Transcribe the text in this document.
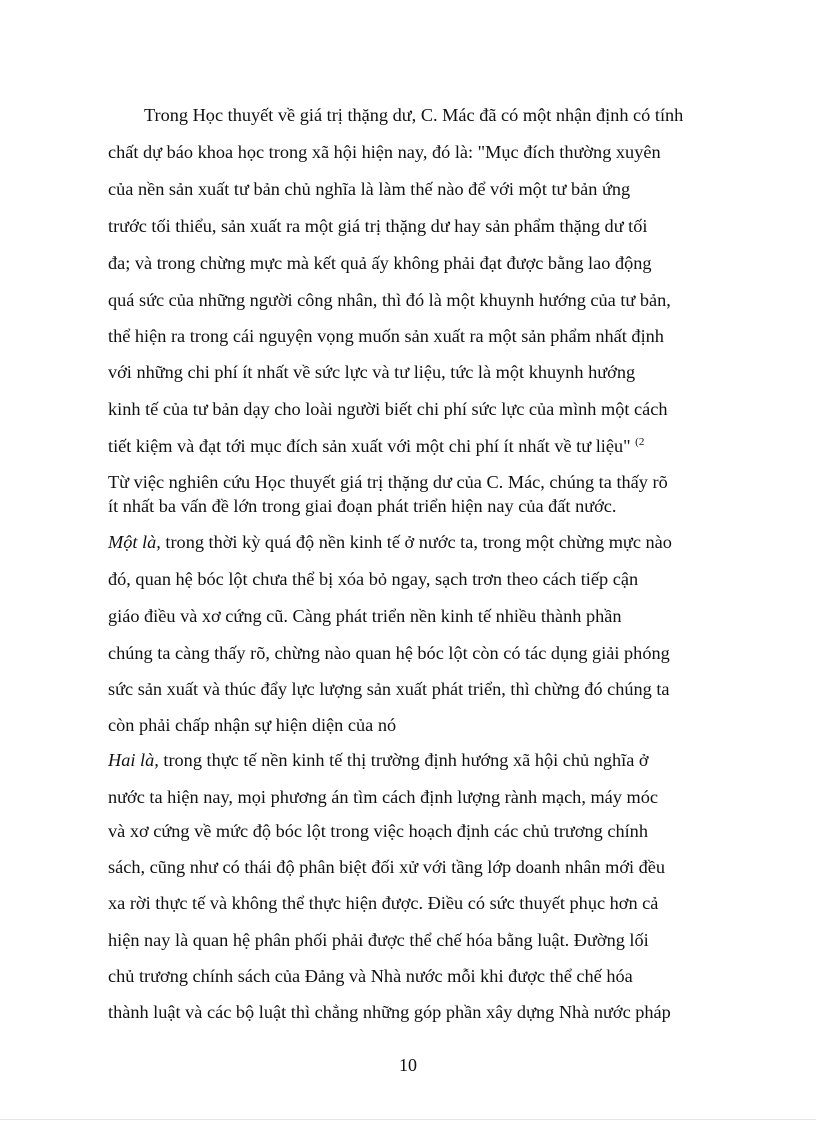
Trong Học thuyết về giá trị thặng dư, C. Mác đã có một nhận định có tính
chất dự báo khoa học trong xã hội hiện nay, đó là: "Mục đích thường xuyên
của nền sản xuất tư bản chủ nghĩa là làm thế nào để với một tư bản ứng
trước tối thiểu, sản xuất ra một giá trị thặng dư hay sản phẩm thặng dư tối
đa; và trong chừng mực mà kết quả ấy không phải đạt được bằng lao động
quá sức của những người công nhân, thì đó là một khuynh hướng của tư bản,
thể hiện ra trong cái nguyện vọng muốn sản xuất ra một sản phẩm nhất định
với những chi phí ít nhất về sức lực và tư liệu, tức là một khuynh hướng
kinh tế của tư bản dạy cho loài người biết chi phí sức lực của mình một cách
tiết kiệm và đạt tới mục đích sản xuất với một chi phí ít nhất về tư liệu" $^{(2}$
Từ việc nghiên cứu Học thuyết giá trị thặng dư của C. Mác, chúng ta thấy rõ
ít nhất ba vấn đề lớn trong giai đoạn phát triển hiện nay của đất nước.
Một là, trong thời kỳ quá độ nền kinh tế ở nước ta, trong một chừng mực nào
đó, quan hệ bóc lột chưa thể bị xóa bỏ ngay, sạch trơn theo cách tiếp cận
giáo điều và xơ cứng cũ. Càng phát triển nền kinh tế nhiều thành phần
chúng ta càng thấy rõ, chừng nào quan hệ bóc lột còn có tác dụng giải phóng
sức sản xuất và thúc đẩy lực lượng sản xuất phát triển, thì chừng đó chúng ta
còn phải chấp nhận sự hiện diện của nó
Hai là, trong thực tế nền kinh tế thị trường định hướng xã hội chủ nghĩa ở
nước ta hiện nay, mọi phương án tìm cách định lượng rành mạch, máy móc
và xơ cứng về mức độ bóc lột trong việc hoạch định các chủ trương chính
sách, cũng như có thái độ phân biệt đối xử với tầng lớp doanh nhân mới đều
xa rời thực tế và không thể thực hiện được. Điều có sức thuyết phục hơn cả
hiện nay là quan hệ phân phối phải được thể chế hóa bằng luật. Đường lối
chủ trương chính sách của Đảng và Nhà nước mỗi khi được thể chế hóa
thành luật và các bộ luật thì chẳng những góp phần xây dựng Nhà nước pháp
10
